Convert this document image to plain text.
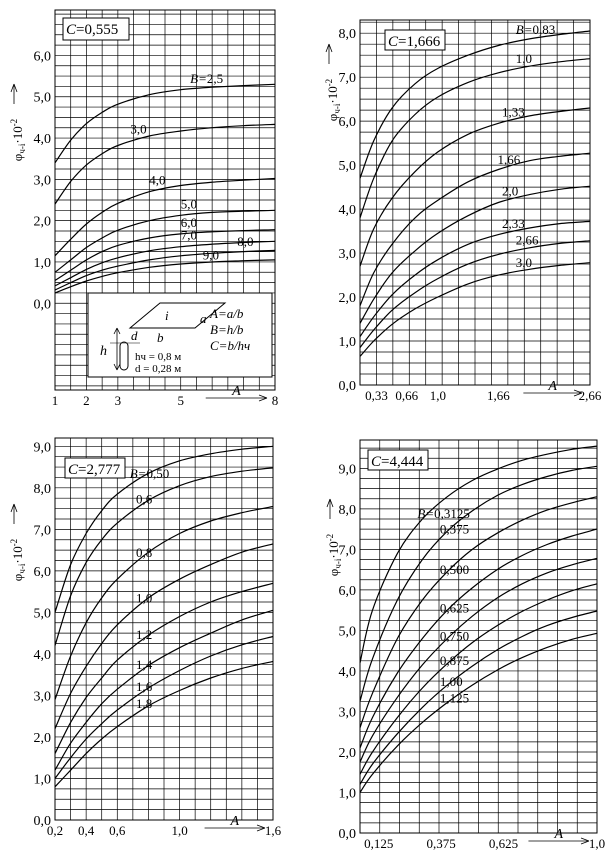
0,0
1,0
2,0
3,0
4,0
5,0
6,0
1 2 3	5	8
A
$\varphi_{ч-i}\cdot 10^{-2}$
B=2,5
3,0
4,0
5,0
6,0
7,0	8,0
9,0
C=0,555
i a
b
d
h
A=a/b
B=h/b
C=b/hч
hч = 0,8 м
d = 0,28 м
0,0
1,0
2,0
3,0
4,0
5,0
6,0
7,0
8,0
0,33 0,66 1,0	1,66	2,66
A
$\varphi_{ч-i}\cdot 10^{-2}$
B=0,83
1,0
1,33
1,66
2,0
2,33
2,66
3,0
C=1,666
0,0
1,0
2,0
3,0
4,0
5,0
6,0
7,0
8,0
9,0
0,2 0,4 0,6	1,0	1,6
A
$\varphi_{ч-i}\cdot 10^{-2}$
B=0,50
0,6
0,8
1,0
1,2
1,4
1,6
1,8
C=2,777
0,0
1,0
2,0
3,0
4,0
5,0
6,0
7,0
8,0
9,0
0,125	0,375	0,625	1,0
A
$\varphi_{ч-i}\cdot 10^{-2}$
B=0,3125
0,375
0,500
0,625
0,750
0,875
1,00
1,125
C=4,444
